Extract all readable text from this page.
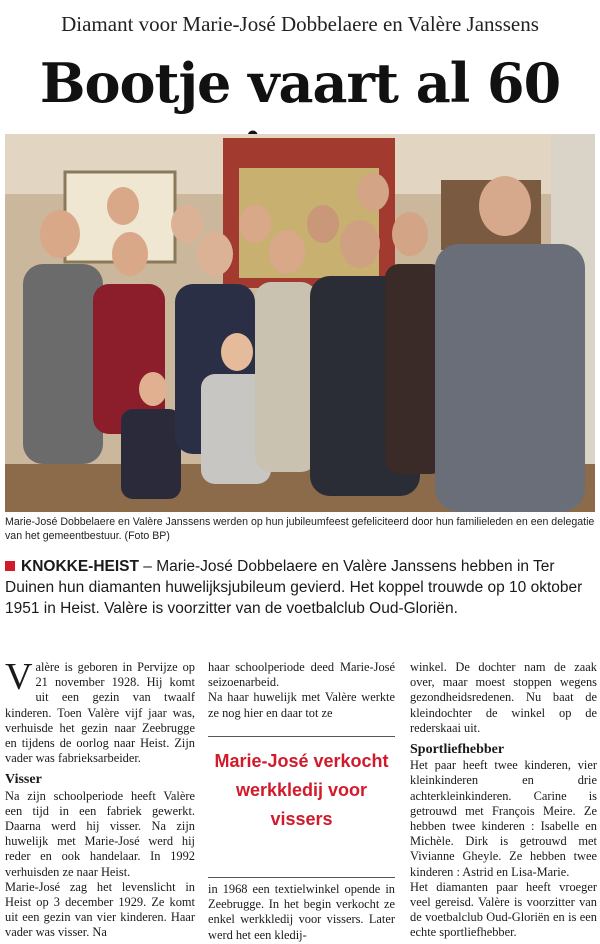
Diamant voor Marie-José Dobbelaere en Valère Janssens
Bootje vaart al 60
Marie-José Dobbelaere en Valère Janssens werden op hun jubileumfeest gefeliciteerd door hun familieleden en een delegatie van het gemeentbestuur. (Foto BP)
KNOKKE-HEIST – Marie-José Dobbelaere en Valère Janssens hebben in Ter Duinen hun diamanten huwelijksjubileum gevierd. Het koppel trouwde op 10 oktober 1951 in Heist. Valère is voorzitter van de voetbalclub Oud-Gloriën.

Valère is geboren in Pervijze op 21 november 1928. Hij komt uit een gezin van twaalf kinderen. Toen Valère vijf jaar was, verhuisde het gezin naar Zeebrugge en tijdens de oorlog naar Heist. Zijn vader was fabrieksarbeider.

Visser

Na zijn schoolperiode heeft Valère een tijd in een fabriek gewerkt. Daarna werd hij visser. Na zijn huwelijk met Marie-José werd hij reder en ook handelaar. In 1992 verhuisden ze naar Heist.

Marie-José zag het levenslicht in Heist op 3 december 1929. Ze komt uit een gezin van vier kinderen. Haar vader was visser. Na

haar schoolperiode deed Marie-José seizoenarbeid.

Na haar huwelijk met Valère werkte ze nog hier en daar tot ze

Marie-José verkocht werkkledij voor vissers

in 1968 een textielwinkel opende in Zeebrugge. In het begin verkocht ze enkel werkkledij voor vissers. Later werd het een kledij-

winkel. De dochter nam de zaak over, maar moest stoppen wegens gezondheidsredenen. Nu baat de kleindochter de winkel op de rederskaai uit.

Sportliefhebber

Het paar heeft twee kinderen, vier kleinkinderen en drie achterkleinkinderen. Carine is getrouwd met François Meire. Ze hebben twee kinderen : Isabelle en Michèle. Dirk is getrouwd met Vivianne Gheyle. Ze hebben twee kinderen : Astrid en Lisa-Marie.

Het diamanten paar heeft vroeger veel gereisd. Valère is voorzitter van de voetbalclub Oud-Gloriën en is een echte sportliefhebber.
